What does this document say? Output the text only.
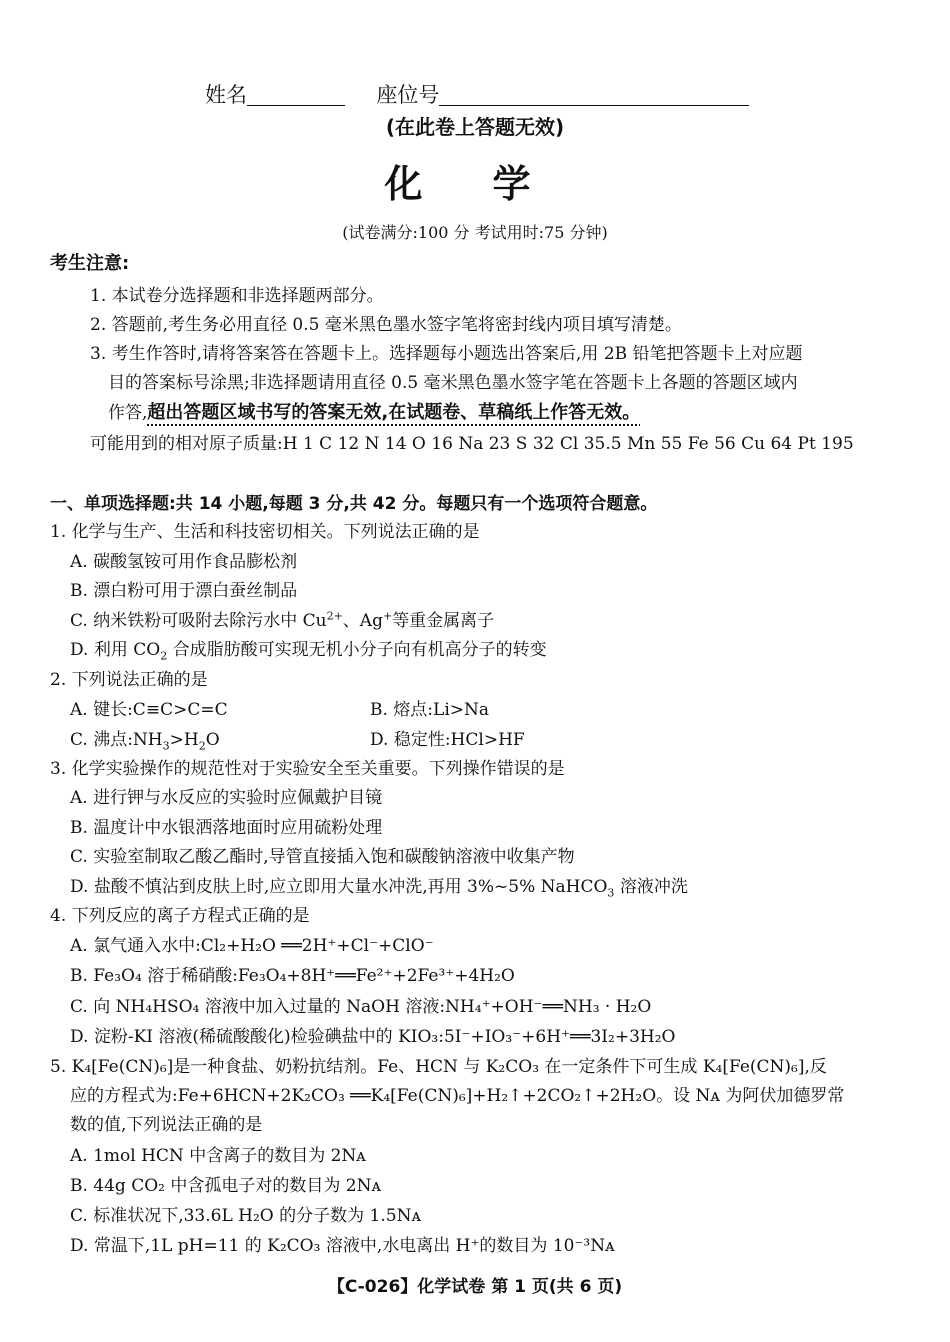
姓名	座位号
(在此卷上答题无效)
化学
(试卷满分:100 分 考试用时:75 分钟)
考生注意:
1. 本试卷分选择题和非选择题两部分。
2. 答题前,考生务必用直径 0.5 毫米黑色墨水签字笔将密封线内项目填写清楚。
3. 考生作答时,请将答案答在答题卡上。选择题每小题选出答案后,用 2B 铅笔把答题卡上对应题
目的答案标号涂黑;非选择题请用直径 0.5 毫米黑色墨水签字笔在答题卡上各题的答题区域内
作答,超出答题区域书写的答案无效,在试题卷、草稿纸上作答无效。
可能用到的相对原子质量:H 1 C 12 N 14 O 16 Na 23 S 32 Cl 35.5 Mn 55 Fe 56 Cu 64 Pt 195
一、单项选择题:共 14 小题,每题 3 分,共 42 分。每题只有一个选项符合题意。
1. 化学与生产、生活和科技密切相关。下列说法正确的是
A. 碳酸氢铵可用作食品膨松剂
B. 漂白粉可用于漂白蚕丝制品
C. 纳米铁粉可吸附去除污水中 $Cu^{2+}$、Ag+等重金属离子
D. 利用 $CO_2$ 合成脂肪酸可实现无机小分子向有机高分子的转变
2. 下列说法正确的是
A. 键长:C≡C>C=C	B. 熔点:Li>Na
C. 沸点$:NH_3>H_2O$	D. 稳定性:HCl>HF
3. 化学实验操作的规范性对于实验安全至关重要。下列操作错误的是
A. 进行钾与水反应的实验时应佩戴护目镜
B. 温度计中水银洒落地面时应用硫粉处理
C. 实验室制取乙酸乙酯时,导管直接插入饱和碳酸钠溶液中收集产物
D. 盐酸不慎沾到皮肤上时,应立即用大量水冲洗,再用 3%~5% NaHCO$_3$ 溶液冲洗
4. 下列反应的离子方程式正确的是
A. 氯气通入水中:Cl₂+H₂O ══2H⁺+Cl⁻+ClO⁻
B. Fe₃O₄ 溶于稀硝酸:Fe₃O₄+8H⁺══Fe²⁺+2Fe³⁺+4H₂O
C. 向 NH₄HSO₄ 溶液中加入过量的 NaOH 溶液:NH₄⁺+OH⁻══NH₃ · H₂O
D. 淀粉-KI 溶液(稀硫酸酸化)检验碘盐中的 KIO₃:5I⁻+IO₃⁻+6H⁺══3I₂+3H₂O
5. K₄[Fe(CN)₆]是一种食盐、奶粉抗结剂。Fe、HCN 与 K₂CO₃ 在一定条件下可生成 K₄[Fe(CN)₆],反
应的方程式为:Fe+6HCN+2K₂CO₃ ══K₄[Fe(CN)₆]+H₂↑+2CO₂↑+2H₂O。设 Nᴀ 为阿伏加德罗常
数的值,下列说法正确的是
A. 1mol HCN 中含离子的数目为 2Nᴀ
B. 44g CO₂ 中含孤电子对的数目为 2Nᴀ
C. 标准状况下,33.6L H₂O 的分子数为 1.5Nᴀ
D. 常温下,1L pH=11 的 K₂CO₃ 溶液中,水电离出 H⁺的数目为 10⁻³Nᴀ
【C-026】化学试卷 第 1 页(共 6 页)
